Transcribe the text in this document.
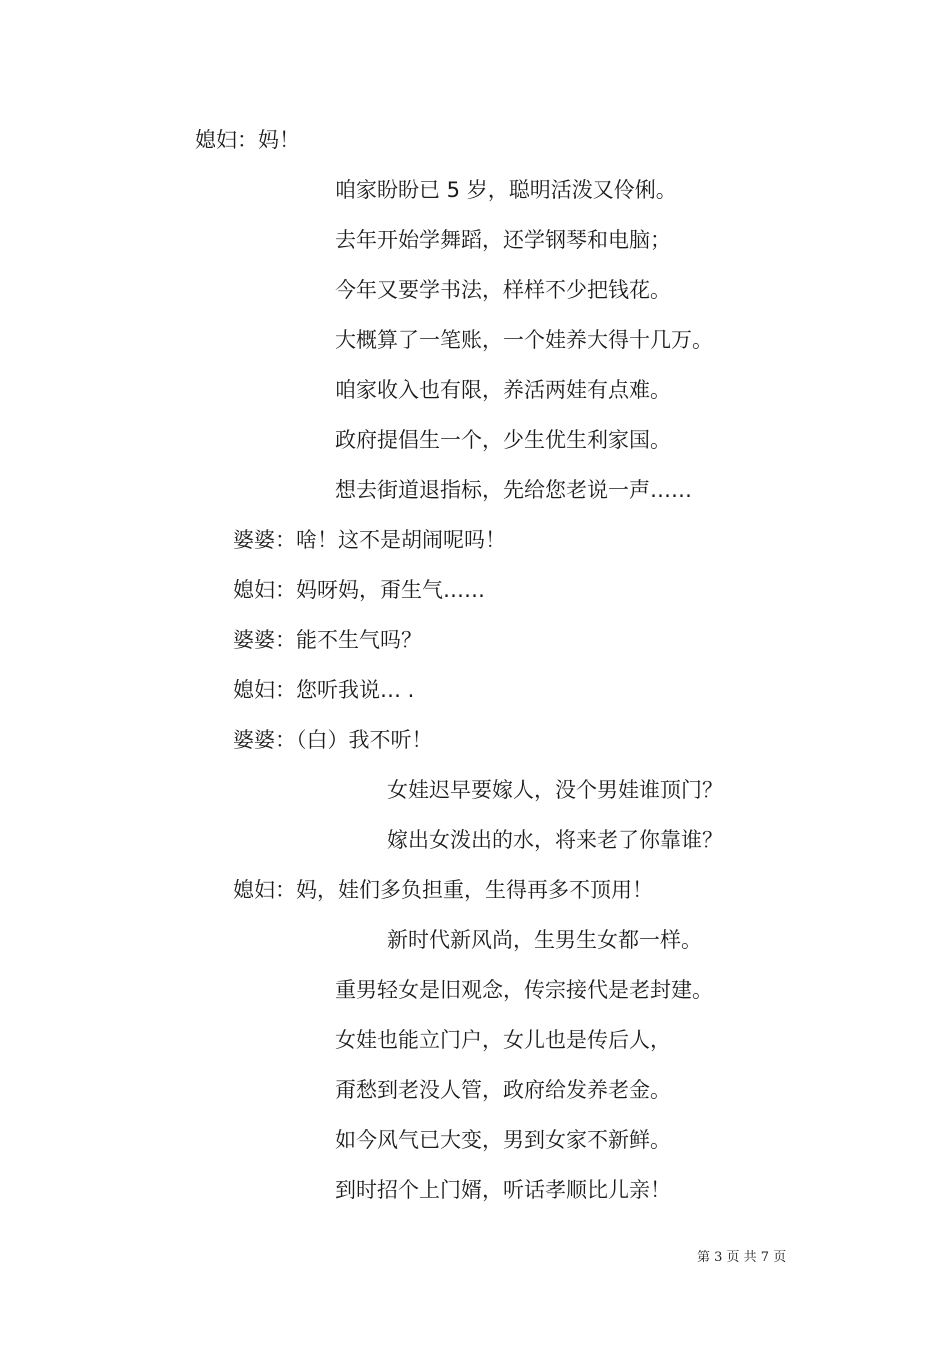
媳妇：妈！
咱家盼盼已 5 岁，聪明活泼又伶俐。
去年开始学舞蹈，还学钢琴和电脑；
今年又要学书法，样样不少把钱花。
大概算了一笔账，一个娃养大得十几万。
咱家收入也有限，养活两娃有点难。
政府提倡生一个，少生优生利家国。
想去街道退指标，先给您老说一声……
婆婆：啥！这不是胡闹呢吗！
媳妇：妈呀妈，甭生气……
婆婆：能不生气吗？
媳妇：您听我说… .
婆婆：（白）我不听！
女娃迟早要嫁人，没个男娃谁顶门？
嫁出女泼出的水，将来老了你靠谁？
媳妇：妈，娃们多负担重，生得再多不顶用！
新时代新风尚，生男生女都一样。
重男轻女是旧观念，传宗接代是老封建。
女娃也能立门户，女儿也是传后人，
甭愁到老没人管，政府给发养老金。
如今风气已大变，男到女家不新鲜。
到时招个上门婿，听话孝顺比儿亲！
第 3 页 共 7 页
